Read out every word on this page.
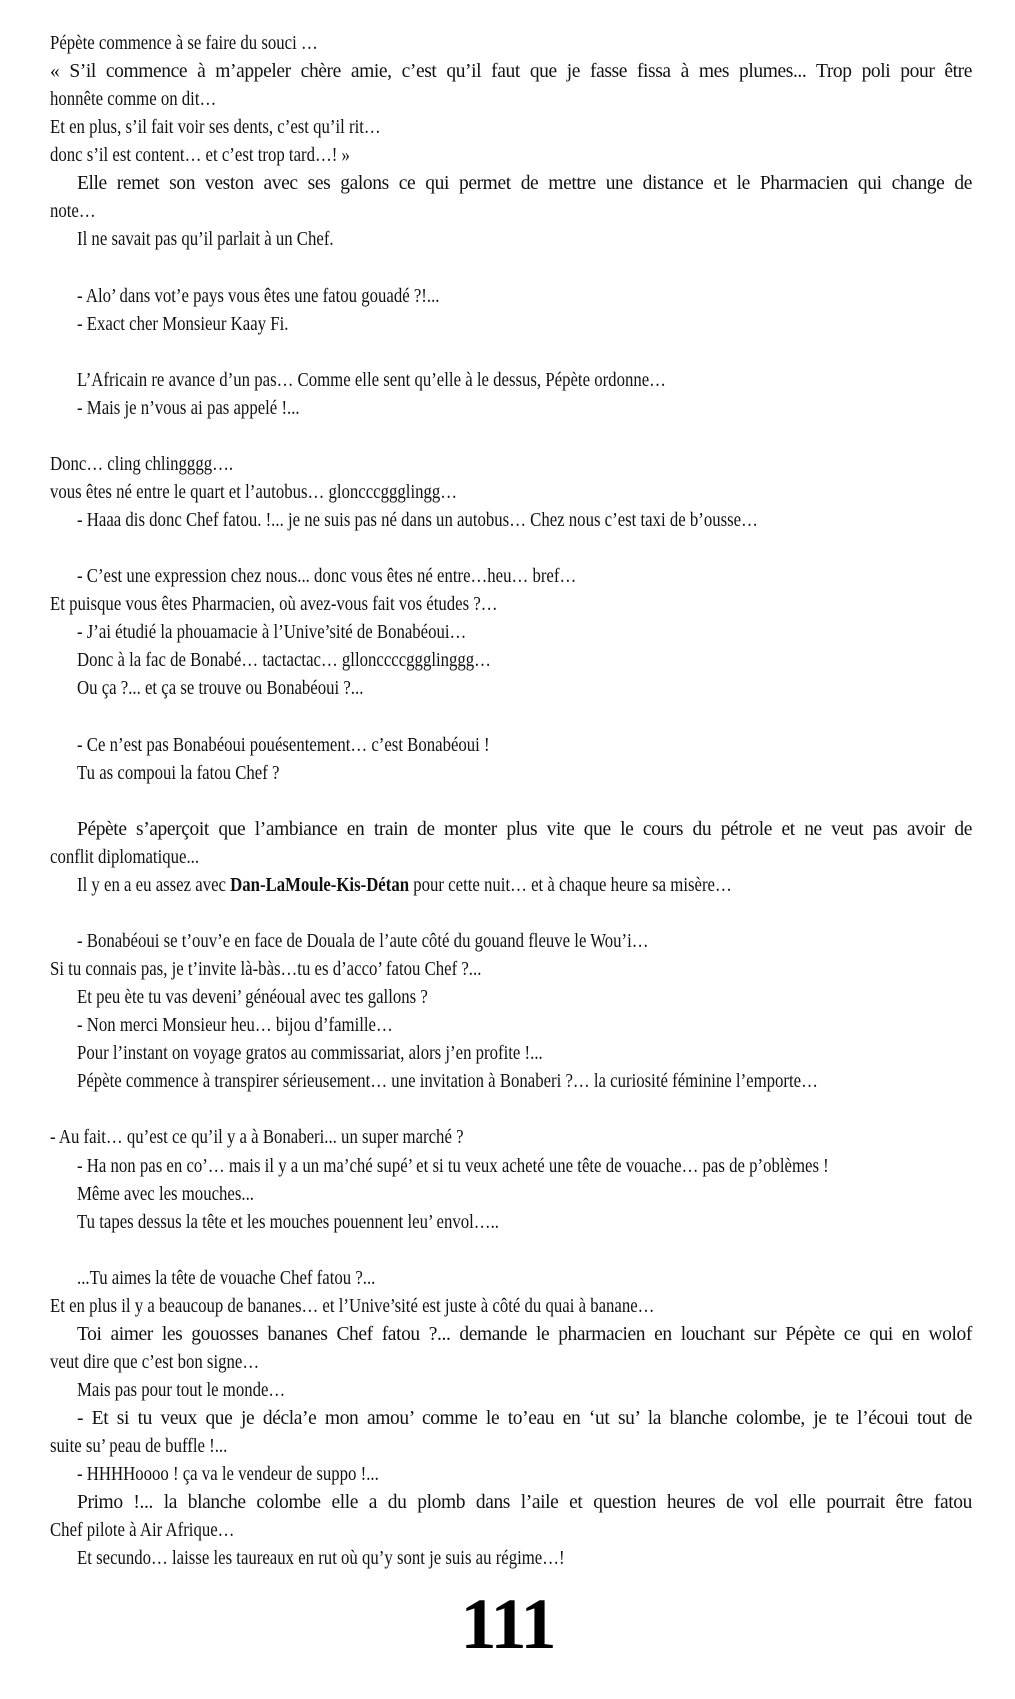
Pépète commence à se faire du souci …
« S’il commence à m’appeler chère amie, c’est qu’il faut que je fasse fissa à mes plumes... Trop poli pour être
honnête comme on dit…
Et en plus, s’il fait voir ses dents, c’est qu’il rit…
donc s’il est content… et c’est trop tard…! »
Elle remet son veston avec ses galons ce qui permet de mettre une distance et le Pharmacien qui change de
note…
Il ne savait pas qu’il parlait à un Chef.

- Alo’ dans vot’e pays vous êtes une fatou gouadé ?!...
- Exact cher Monsieur Kaay Fi.

L’Africain re avance d’un pas… Comme elle sent qu’elle à le dessus, Pépète ordonne…
- Mais je n’vous ai pas appelé !...

Donc… cling chlingggg….
vous êtes né entre le quart et l’autobus… gloncccggglingg…
- Haaa dis donc Chef fatou. !... je ne suis pas né dans un autobus… Chez nous c’est taxi de b’ousse…

- C’est une expression chez nous... donc vous êtes né entre…heu… bref…
Et puisque vous êtes Pharmacien, où avez-vous fait vos études ?…
- J’ai étudié la phouamacie à l’Unive’sité de Bonabéoui…
Donc à la fac de Bonabé… tactactac… gllonccccggglinggg…
Ou ça ?... et ça se trouve ou Bonabéoui ?...

- Ce n’est pas Bonabéoui pouésentement… c’est Bonabéoui !
Tu as compoui la fatou Chef ?

Pépète s’aperçoit que l’ambiance en train de monter plus vite que le cours du pétrole et ne veut pas avoir de
conflit diplomatique...
Il y en a eu assez avec Dan-LaMoule-Kis-Détan pour cette nuit… et à chaque heure sa misère…

- Bonabéoui se t’ouv’e en face de Douala de l’aute côté du gouand fleuve le Wou’i…
Si tu connais pas, je t’invite là-bàs…tu es d’acco’ fatou Chef ?...
Et peu ète tu vas deveni’ généoual avec tes gallons ?
- Non merci Monsieur heu… bijou d’famille…
Pour l’instant on voyage gratos au commissariat, alors j’en profite !...
Pépète commence à transpirer sérieusement… une invitation à Bonaberi ?… la curiosité féminine l’emporte…

- Au fait… qu’est ce qu’il y a à Bonaberi... un super marché ?
- Ha non pas en co’… mais il y a un ma’ché supé’ et si tu veux acheté une tête de vouache… pas de p’oblèmes !
Même avec les mouches...
Tu tapes dessus la tête et les mouches pouennent leu’ envol…..

...Tu aimes la tête de vouache Chef fatou ?...
Et en plus il y a beaucoup de bananes… et l’Unive’sité est juste à côté du quai à banane…
Toi aimer les gouosses bananes Chef fatou ?... demande le pharmacien en louchant sur Pépète ce qui en wolof
veut dire que c’est bon signe…
Mais pas pour tout le monde…
- Et si tu veux que je décla’e mon amou’ comme le to’eau en ‘ut su’ la blanche colombe, je te l’écoui tout de
suite su’ peau de buffle !...
- HHHHoooo ! ça va le vendeur de suppo !...
Primo !... la blanche colombe elle a du plomb dans l’aile et question heures de vol elle pourrait être fatou
Chef pilote à Air Afrique…
Et secundo… laisse les taureaux en rut où qu’y sont je suis au régime…!
111
